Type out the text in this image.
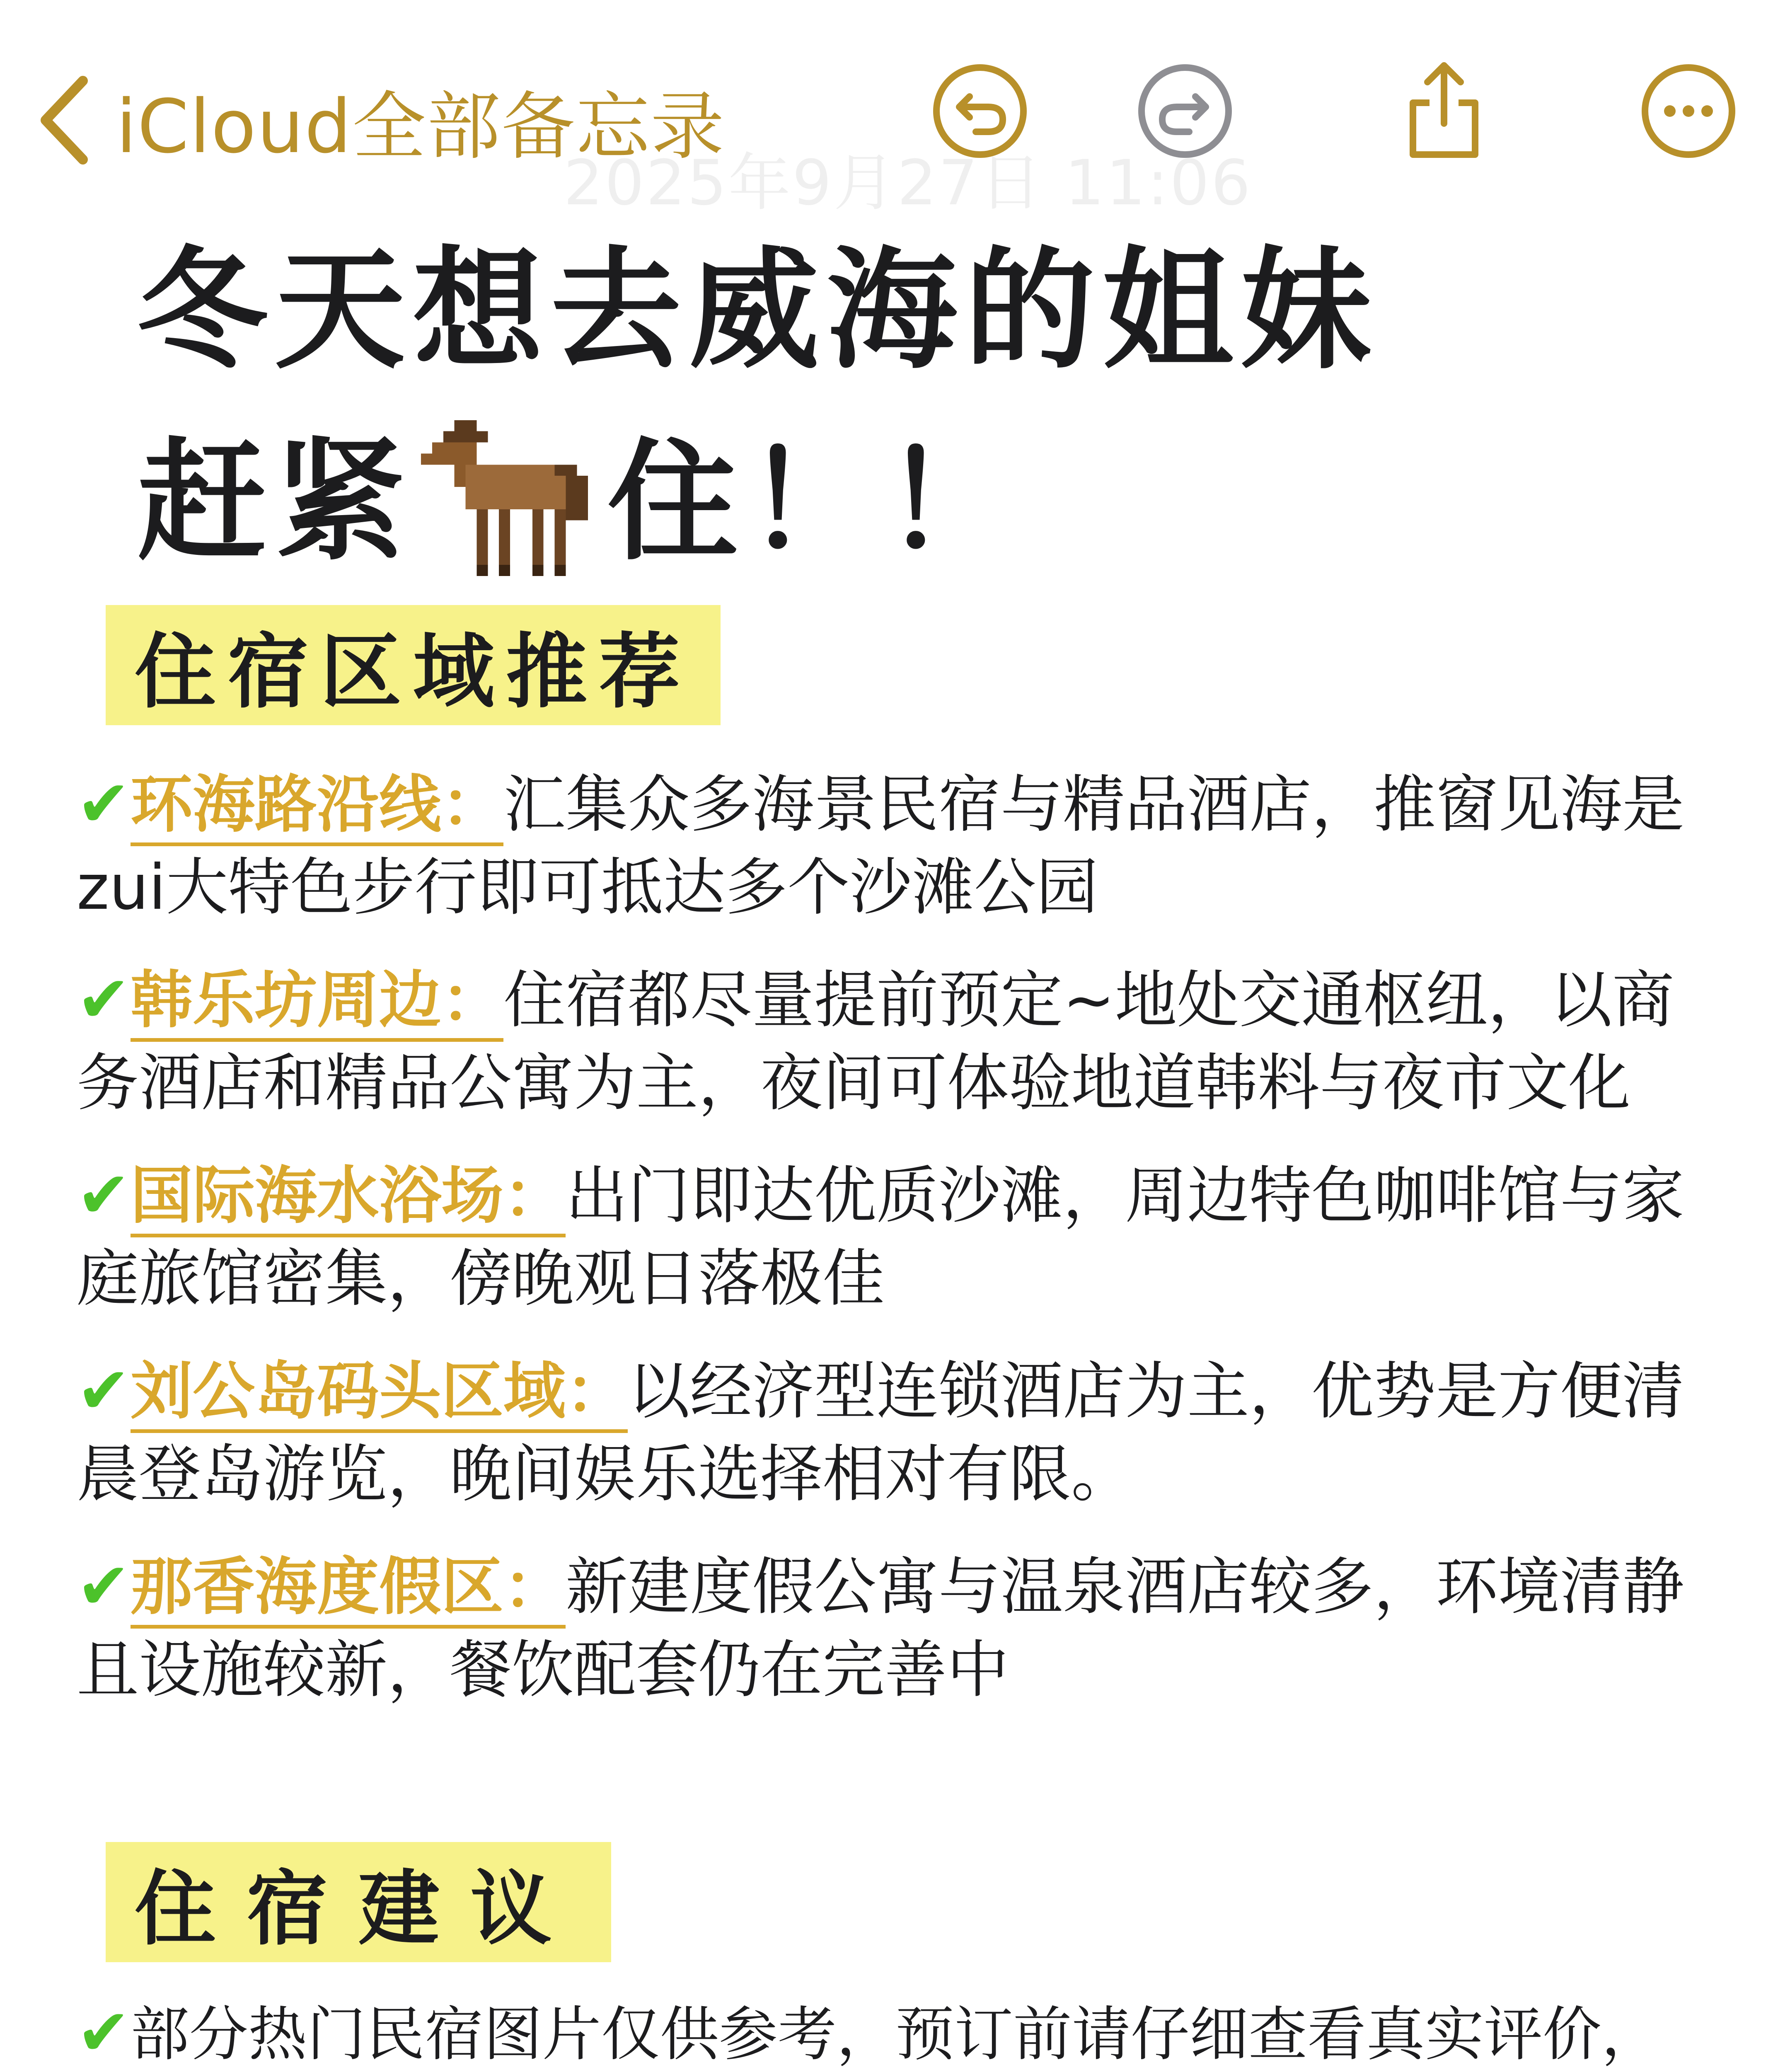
iCloud全部备忘录
2025年9月27日 11:06
冬天想去威海的姐妹
赶紧 住！！
住宿区域推荐
✔环海路沿线：汇集众多海景民宿与精品酒店，推窗见海是zui大特色步行即可抵达多个沙滩公园
✔韩乐坊周边：住宿都尽量提前预定~地处交通枢纽，以商务酒店和精品公寓为主，夜间可体验地道韩料与夜市文化
✔国际海水浴场：出门即达优质沙滩，周边特色咖啡馆与家庭旅馆密集，傍晚观日落极佳
✔刘公岛码头区域：以经济型连锁酒店为主，优势是方便清晨登岛游览，晚间娱乐选择相对有限。
✔那香海度假区：新建度假公寓与温泉酒店较多，环境清静且设施较新，餐饮配套仍在完善中
住宿建议
✔部分热门民宿图片仅供参考，预订前请仔细查看真实评价，
